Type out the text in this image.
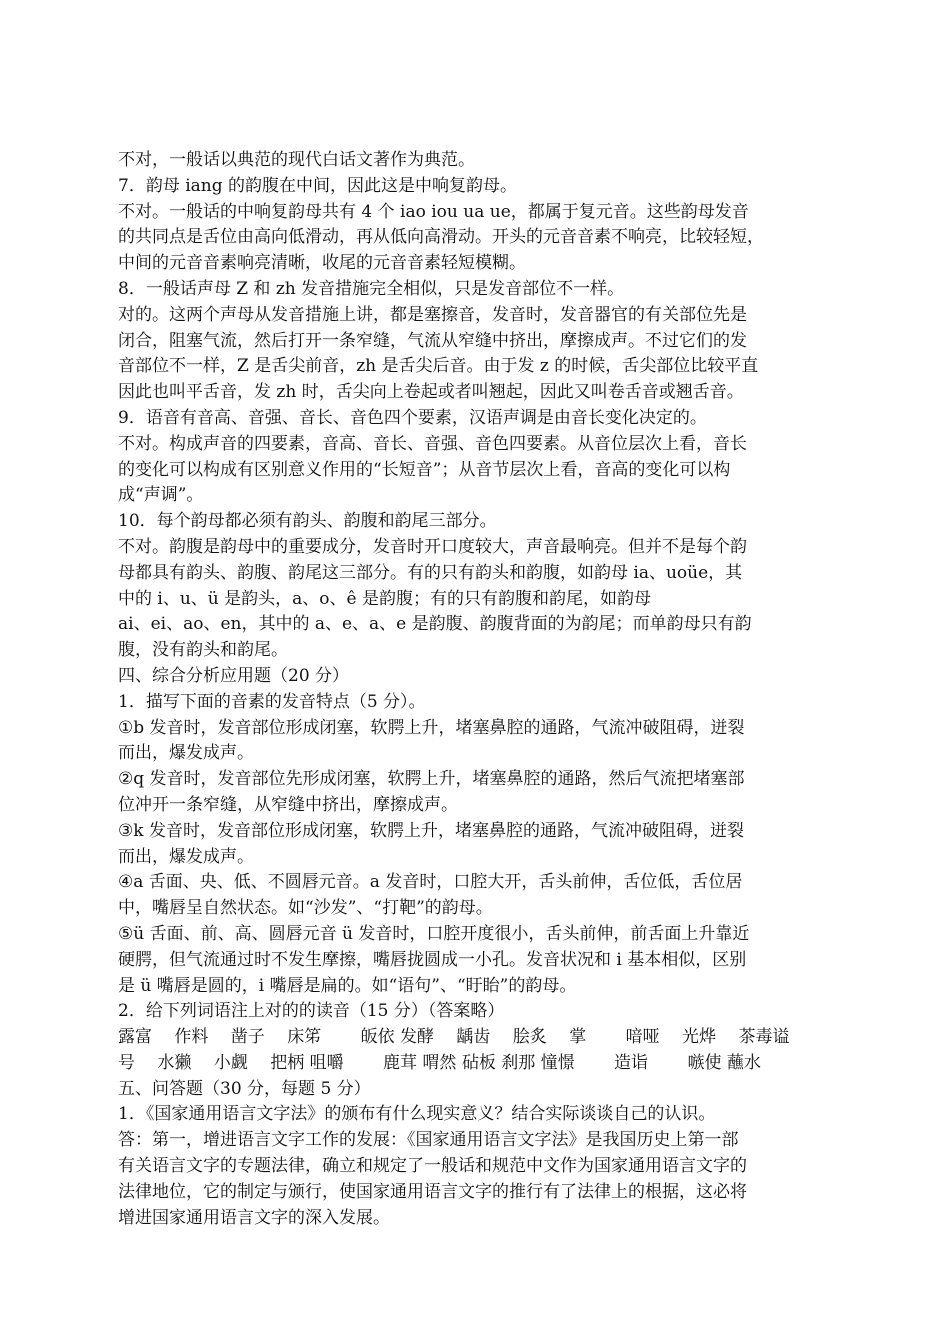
不对，一般话以典范的现代白话文著作为典范。
7．韵母 iang 的韵腹在中间，因此这是中响复韵母。
不对。一般话的中响复韵母共有 4 个 iao iou ua ue，都属于复元音。这些韵母发音
的共同点是舌位由高向低滑动，再从低向高滑动。开头的元音音素不响亮，比较轻短，
中间的元音音素响亮清晰，收尾的元音音素轻短模糊。
8．一般话声母 Z 和 zh 发音措施完全相似，只是发音部位不一样。
对的。这两个声母从发音措施上讲，都是塞擦音，发音时，发音器官的有关部位先是
闭合，阻塞气流，然后打开一条窄缝，气流从窄缝中挤出，摩擦成声。不过它们的发
音部位不一样，Z 是舌尖前音，zh 是舌尖后音。由于发 z 的时候，舌尖部位比较平直
因此也叫平舌音，发 zh 时，舌尖向上卷起或者叫翘起，因此又叫卷舌音或翘舌音。
9．语音有音高、音强、音长、音色四个要素，汉语声调是由音长变化决定的。
不对。构成声音的四要素，音高、音长、音强、音色四要素。从音位层次上看，音长
的变化可以构成有区别意义作用的“长短音”；从音节层次上看，音高的变化可以构
成“声调”。
10．每个韵母都必须有韵头、韵腹和韵尾三部分。
不对。韵腹是韵母中的重要成分，发音时开口度较大，声音最响亮。但并不是每个韵
母都具有韵头、韵腹、韵尾这三部分。有的只有韵头和韵腹，如韵母 ia、uoüe，其
中的 i、u、ü 是韵头，a、o、ê 是韵腹；有的只有韵腹和韵尾，如韵母
ai、ei、ao、en，其中的 a、e、a、e 是韵腹、韵腹背面的为韵尾；而单韵母只有韵
腹，没有韵头和韵尾。
四、综合分析应用题（20 分）
1．描写下面的音素的发音特点（5 分）。
①b 发音时，发音部位形成闭塞，软腭上升，堵塞鼻腔的通路，气流冲破阻碍，迸裂
而出，爆发成声。
②q 发音时，发音部位先形成闭塞，软腭上升，堵塞鼻腔的通路，然后气流把堵塞部
位冲开一条窄缝，从窄缝中挤出，摩擦成声。
③k 发音时，发音部位形成闭塞，软腭上升，堵塞鼻腔的通路，气流冲破阻碍，迸裂
而出，爆发成声。
④a 舌面、央、低、不圆唇元音。a 发音时，口腔大开，舌头前伸，舌位低，舌位居
中，嘴唇呈自然状态。如“沙发”、“打靶”的韵母。
⑤ü 舌面、前、高、圆唇元音 ü 发音时，口腔开度很小，舌头前伸，前舌面上升靠近
硬腭，但气流通过时不发生摩擦，嘴唇拢圆成一小孔。发音状况和 i 基本相似，区别
是 ü 嘴唇是圆的，i 嘴唇是扁的。如“语句”、“盱眙”的韵母。
2．给下列词语注上对的的读音（15 分）（答案略）
露富　 作料　 凿子　 床笫　　 皈依 发酵　 龋齿　 脍炙　 掌　　 喑哑　 光烨　 茶毒谥
号　 水獭　 小觑　 把柄 咀嚼　　 鹿茸 喟然 砧板 刹那 憧憬　　 造诣　　 嗾使 蘸水
五、问答题（30 分，每题 5 分）
1．《国家通用语言文字法》的颁布有什么现实意义？结合实际谈谈自己的认识。
答：第一，增进语言文字工作的发展：《国家通用语言文字法》是我国历史上第一部
有关语言文字的专题法律，确立和规定了一般话和规范中文作为国家通用语言文字的
法律地位，它的制定与颁行，使国家通用语言文字的推行有了法律上的根据，这必将
增进国家通用语言文字的深入发展。
